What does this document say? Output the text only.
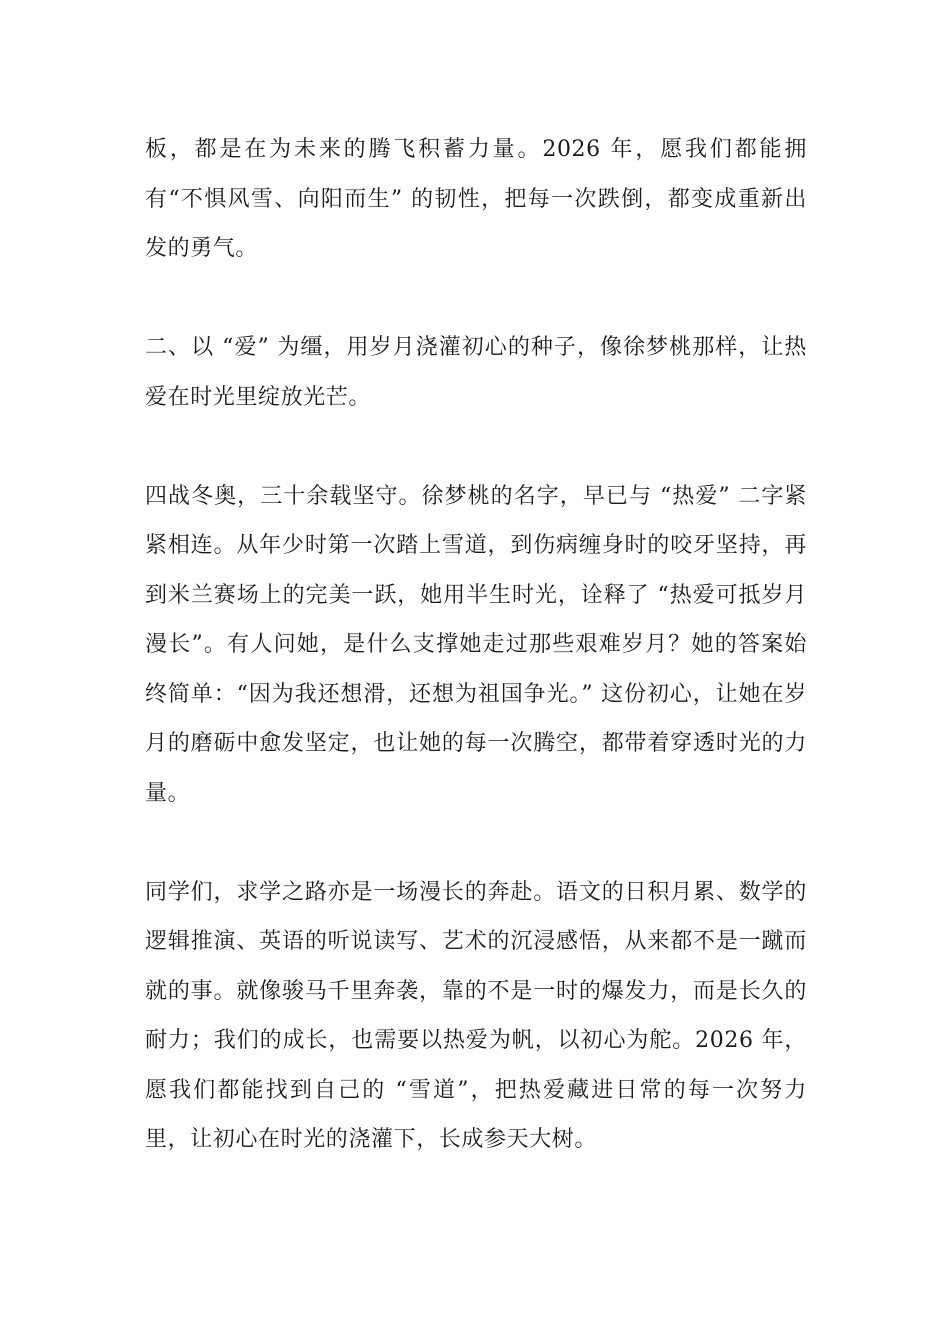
板，都是在为未来的腾飞积蓄力量。2026 年，愿我们都能拥有“不惧风雪、向阳而生” 的韧性，把每一次跌倒，都变成重新出发的勇气。

二、以 “爱” 为缰，用岁月浇灌初心的种子，像徐梦桃那样，让热爱在时光里绽放光芒。

四战冬奥，三十余载坚守。徐梦桃的名字，早已与 “热爱” 二字紧紧相连。从年少时第一次踏上雪道，到伤病缠身时的咬牙坚持，再到米兰赛场上的完美一跃，她用半生时光，诠释了 “热爱可抵岁月漫长”。有人问她，是什么支撑她走过那些艰难岁月？她的答案始终简单：“因为我还想滑，还想为祖国争光。” 这份初心，让她在岁月的磨砺中愈发坚定，也让她的每一次腾空，都带着穿透时光的力量。

同学们，求学之路亦是一场漫长的奔赴。语文的日积月累、数学的逻辑推演、英语的听说读写、艺术的沉浸感悟，从来都不是一蹴而就的事。就像骏马千里奔袭，靠的不是一时的爆发力，而是长久的耐力；我们的成长，也需要以热爱为帆，以初心为舵。2026 年，愿我们都能找到自己的 “雪道”，把热爱藏进日常的每一次努力里，让初心在时光的浇灌下，长成参天大树。
